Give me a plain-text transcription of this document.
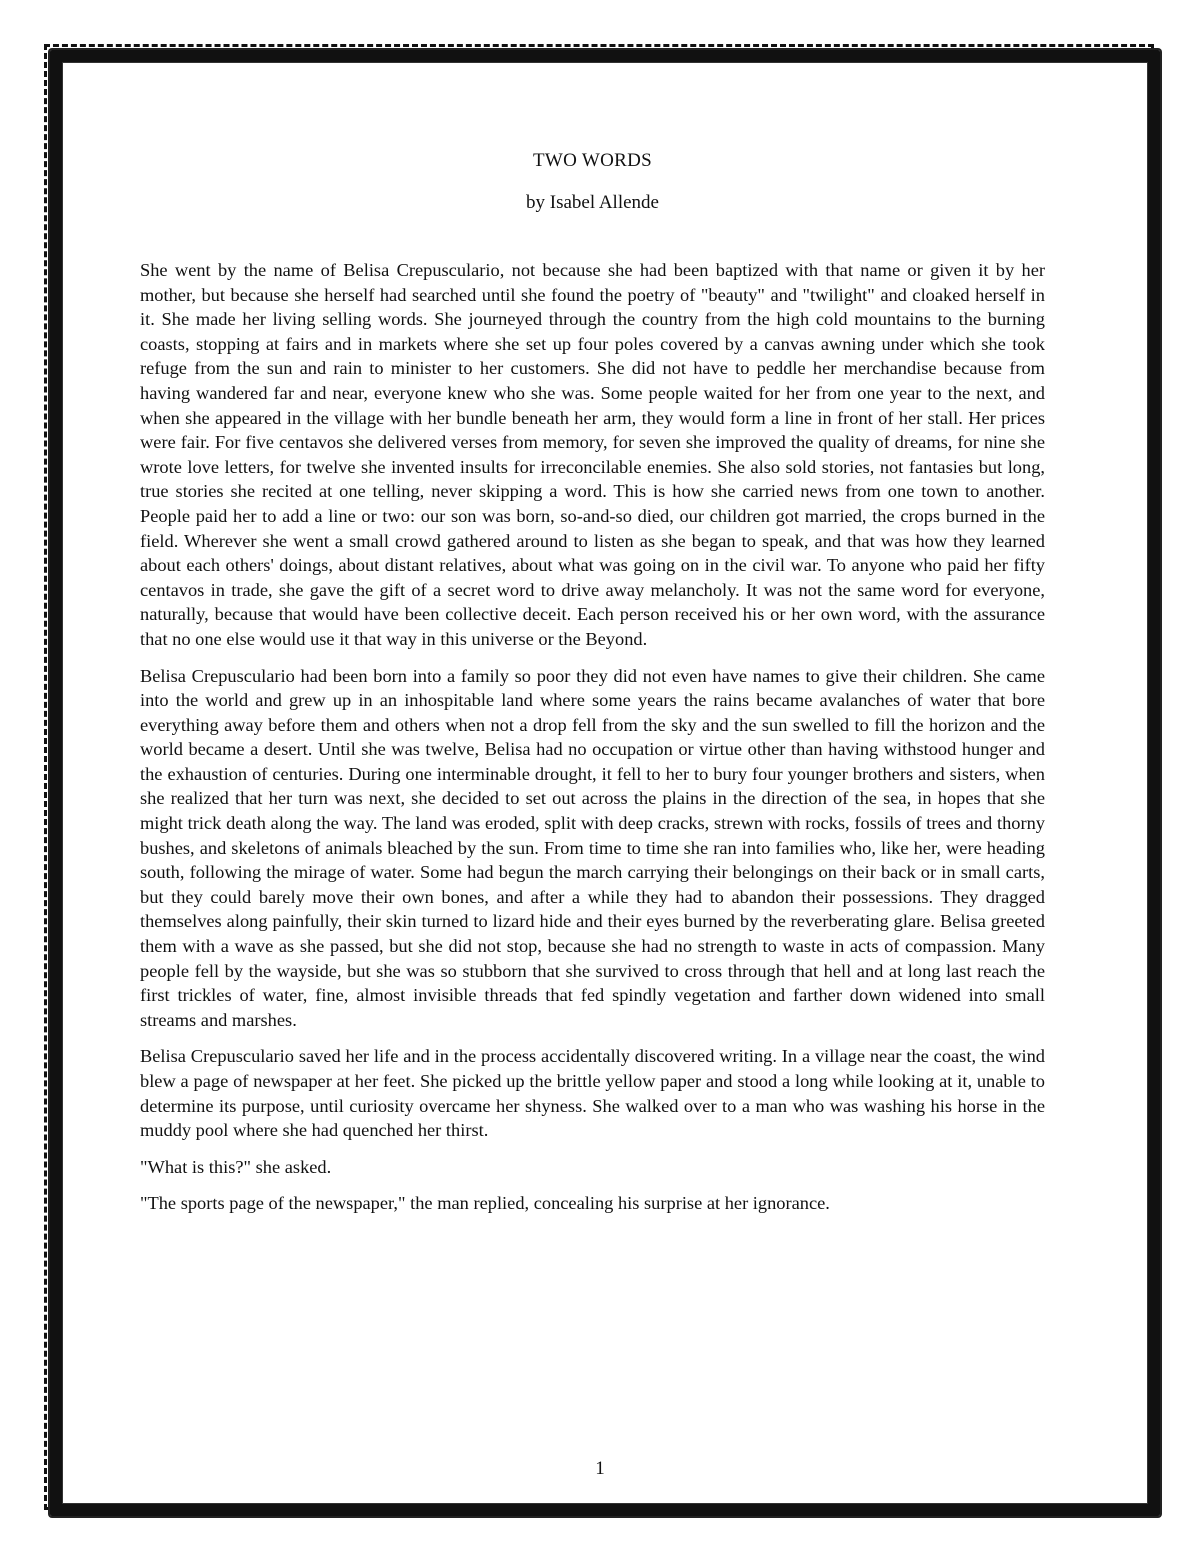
TWO WORDS
by Isabel Allende

She went by the name of Belisa Crepusculario, not because she had been baptized with that name or given it by her mother, but because she herself had searched until she found the poetry of "beauty" and "twilight" and cloaked herself in it. She made her living selling words. She journeyed through the country from the high cold mountains to the burning coasts, stopping at fairs and in markets where she set up four poles covered by a canvas awning under which she took refuge from the sun and rain to minister to her customers. She did not have to peddle her merchandise because from having wandered far and near, everyone knew who she was. Some people waited for her from one year to the next, and when she appeared in the village with her bundle beneath her arm, they would form a line in front of her stall. Her prices were fair. For five centavos she delivered verses from memory, for seven she improved the quality of dreams, for nine she wrote love letters, for twelve she invented insults for irreconcilable enemies. She also sold stories, not fantasies but long, true stories she recited at one telling, never skipping a word. This is how she carried news from one town to another. People paid her to add a line or two: our son was born, so-and-so died, our children got married, the crops burned in the field. Wherever she went a small crowd gathered around to listen as she began to speak, and that was how they learned about each others' doings, about distant relatives, about what was going on in the civil war. To anyone who paid her fifty centavos in trade, she gave the gift of a secret word to drive away melancholy. It was not the same word for everyone, naturally, because that would have been collective deceit. Each person received his or her own word, with the assurance that no one else would use it that way in this universe or the Beyond.

Belisa Crepusculario had been born into a family so poor they did not even have names to give their children. She came into the world and grew up in an inhospitable land where some years the rains became avalanches of water that bore everything away before them and others when not a drop fell from the sky and the sun swelled to fill the horizon and the world became a desert. Until she was twelve, Belisa had no occupation or virtue other than having withstood hunger and the exhaustion of centuries. During one interminable drought, it fell to her to bury four younger brothers and sisters, when she realized that her turn was next, she decided to set out across the plains in the direction of the sea, in hopes that she might trick death along the way. The land was eroded, split with deep cracks, strewn with rocks, fossils of trees and thorny bushes, and skeletons of animals bleached by the sun. From time to time she ran into families who, like her, were heading south, following the mirage of water. Some had begun the march carrying their belongings on their back or in small carts, but they could barely move their own bones, and after a while they had to abandon their possessions. They dragged themselves along painfully, their skin turned to lizard hide and their eyes burned by the reverberating glare. Belisa greeted them with a wave as she passed, but she did not stop, because she had no strength to waste in acts of compassion. Many people fell by the wayside, but she was so stubborn that she survived to cross through that hell and at long last reach the first trickles of water, fine, almost invisible threads that fed spindly vegetation and farther down widened into small streams and marshes.

Belisa Crepusculario saved her life and in the process accidentally discovered writing. In a village near the coast, the wind blew a page of newspaper at her feet. She picked up the brittle yellow paper and stood a long while looking at it, unable to determine its purpose, until curiosity overcame her shyness. She walked over to a man who was washing his horse in the muddy pool where she had quenched her thirst.

"What is this?" she asked.

"The sports page of the newspaper," the man replied, concealing his surprise at her ignorance.

1
